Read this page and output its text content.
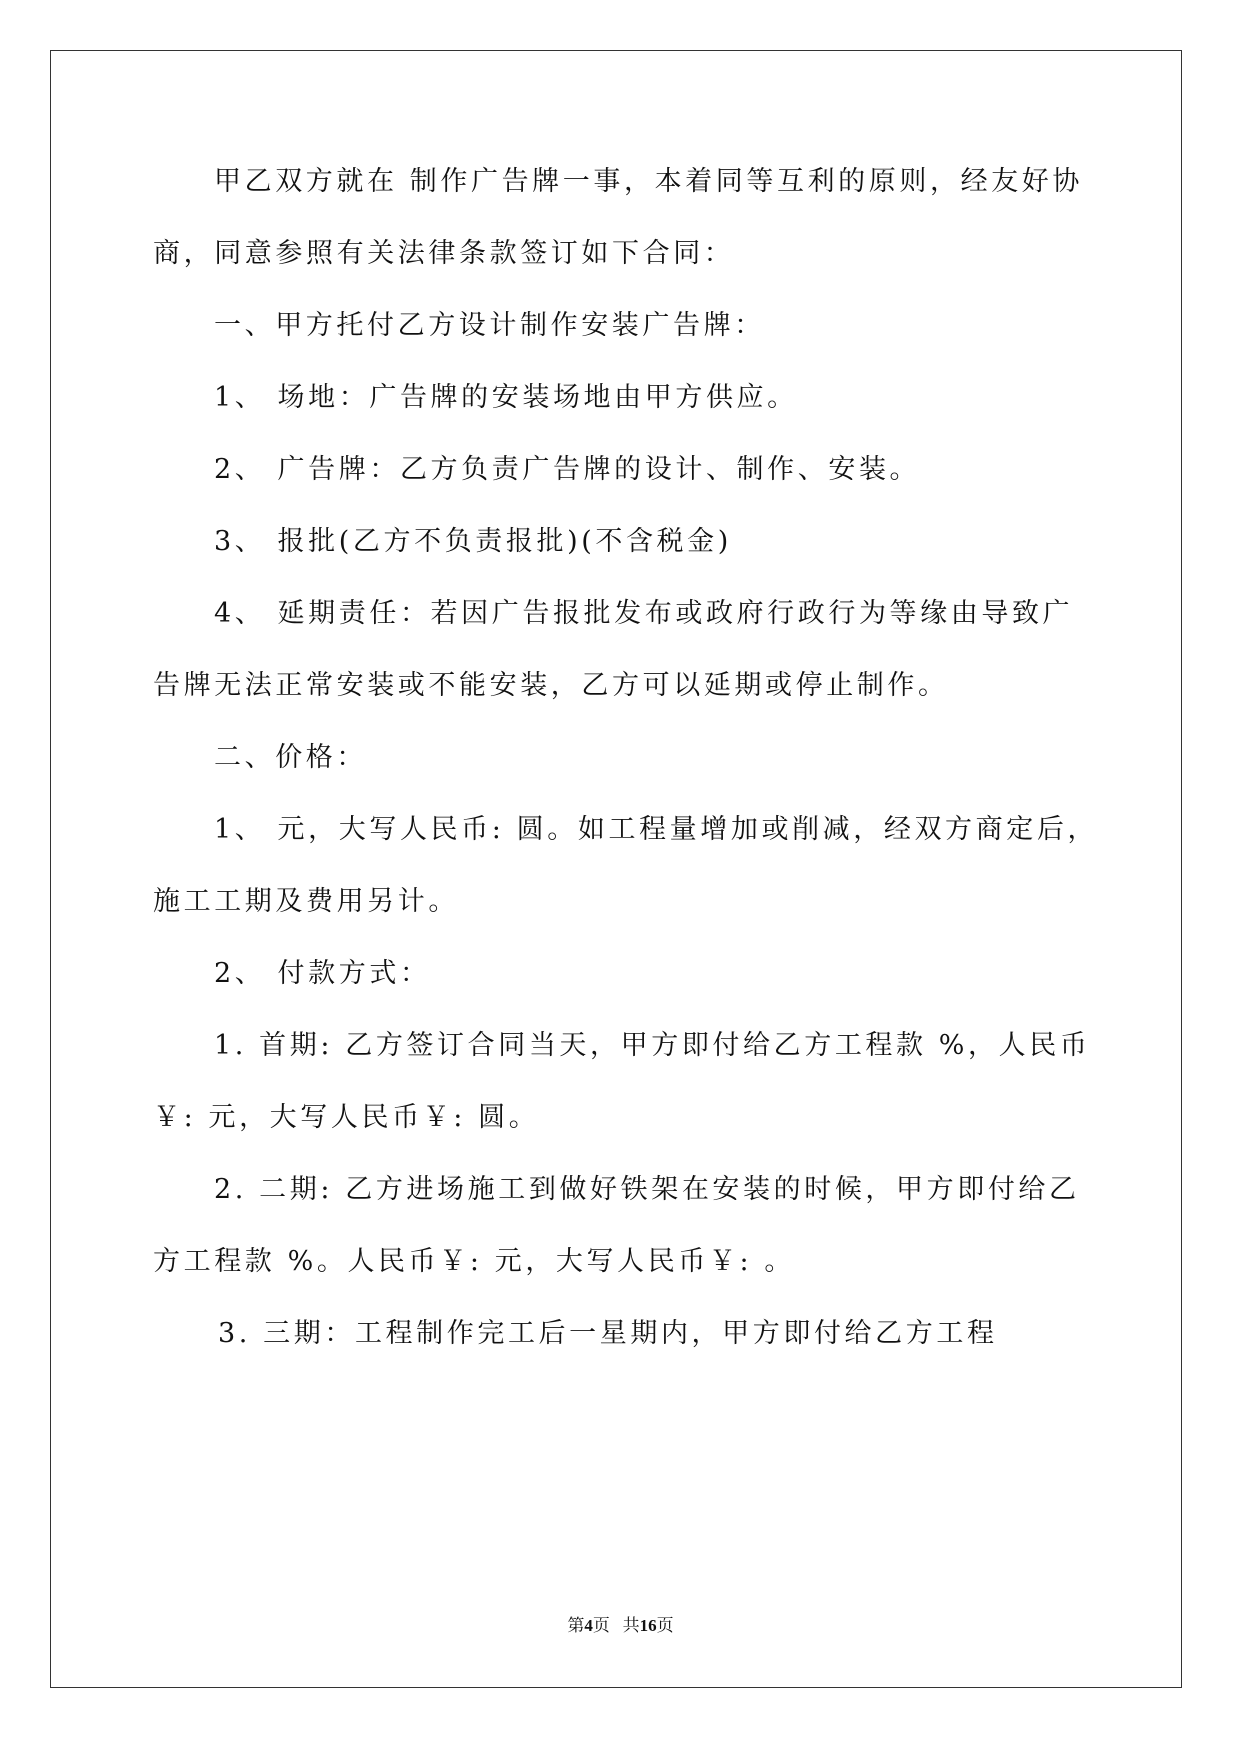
甲乙双方就在 制作广告牌一事，本着同等互利的原则，经友好协
商，同意参照有关法律条款签订如下合同：
一、甲方托付乙方设计制作安装广告牌：
1、 场地：广告牌的安装场地由甲方供应。
2、 广告牌：乙方负责广告牌的设计、制作、安装。
3、 报批(乙方不负责报批)(不含税金)
4、 延期责任：若因广告报批发布或政府行政行为等缘由导致广
告牌无法正常安装或不能安装，乙方可以延期或停止制作。
二、价格：
1、 元，大写人民币: 圆。如工程量增加或削减，经双方商定后，
施工工期及费用另计。
2、 付款方式：
1. 首期: 乙方签订合同当天，甲方即付给乙方工程款 %，人民币
￥: 元，大写人民币￥: 圆。
2. 二期: 乙方进场施工到做好铁架在安装的时候，甲方即付给乙
方工程款 %。人民币￥: 元，大写人民币￥: 。
3. 三期：工程制作完工后一星期内，甲方即付给乙方工程
第4页 共16页
